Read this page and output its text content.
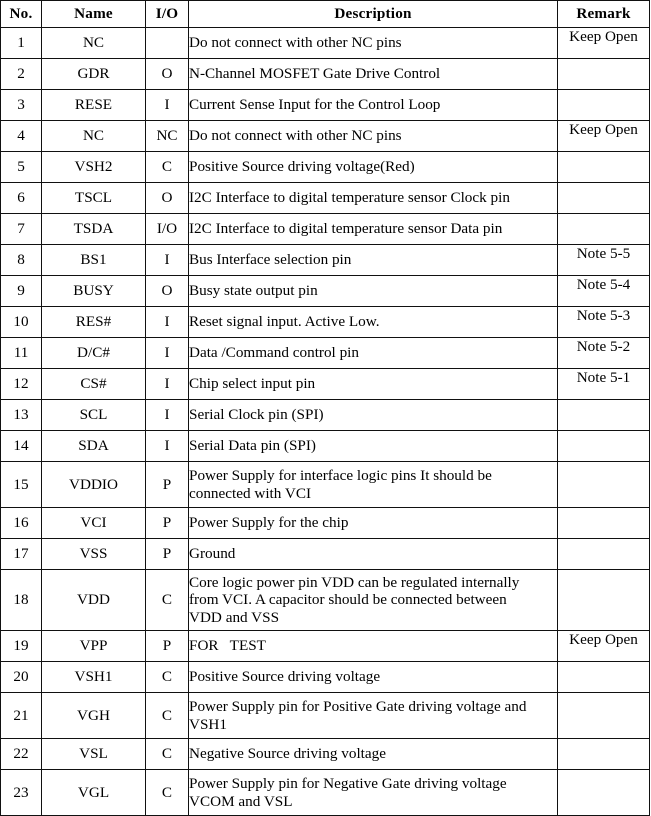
No.	Name	I/O	Description	Remark
1	NC		Do not connect with other NC pins	Keep Open
2	GDR	O	N-Channel MOSFET Gate Drive Control	

3	RESE	I	Current Sense Input for the Control Loop	

4	NC	NC	Do not connect with other NC pins	Keep Open
5	VSH2	C	Positive Source driving voltage(Red)	

6	TSCL	O	I2C Interface to digital temperature sensor Clock pin	

7	TSDA	I/O	I2C Interface to digital temperature sensor Data pin	

8	BS1	I	Bus Interface selection pin	Note 5-5
9	BUSY	O	Busy state output pin	Note 5-4
10	RES#	I	Reset signal input. Active Low.	Note 5-3
11	D/C#	I	Data /Command control pin	Note 5-2
12	CS#	I	Chip select input pin	Note 5-1
13	SCL	I	Serial Clock pin (SPI)	

14	SDA	I	Serial Data pin (SPI)	

15	VDDIO	P	Power Supply for interface logic pins It should be
connected with VCI	

16	VCI	P	Power Supply for the chip	

17	VSS	P	Ground	

18	VDD	C	Core logic power pin VDD can be regulated internally
from VCI. A capacitor should be connected between
VDD and VSS	

19	VPP	P	FOR   TEST	Keep Open
20	VSH1	C	Positive Source driving voltage	

21	VGH	C	Power Supply pin for Positive Gate driving voltage and
VSH1	

22	VSL	C	Negative Source driving voltage	

23	VGL	C	Power Supply pin for Negative Gate driving voltage
VCOM and VSL	
